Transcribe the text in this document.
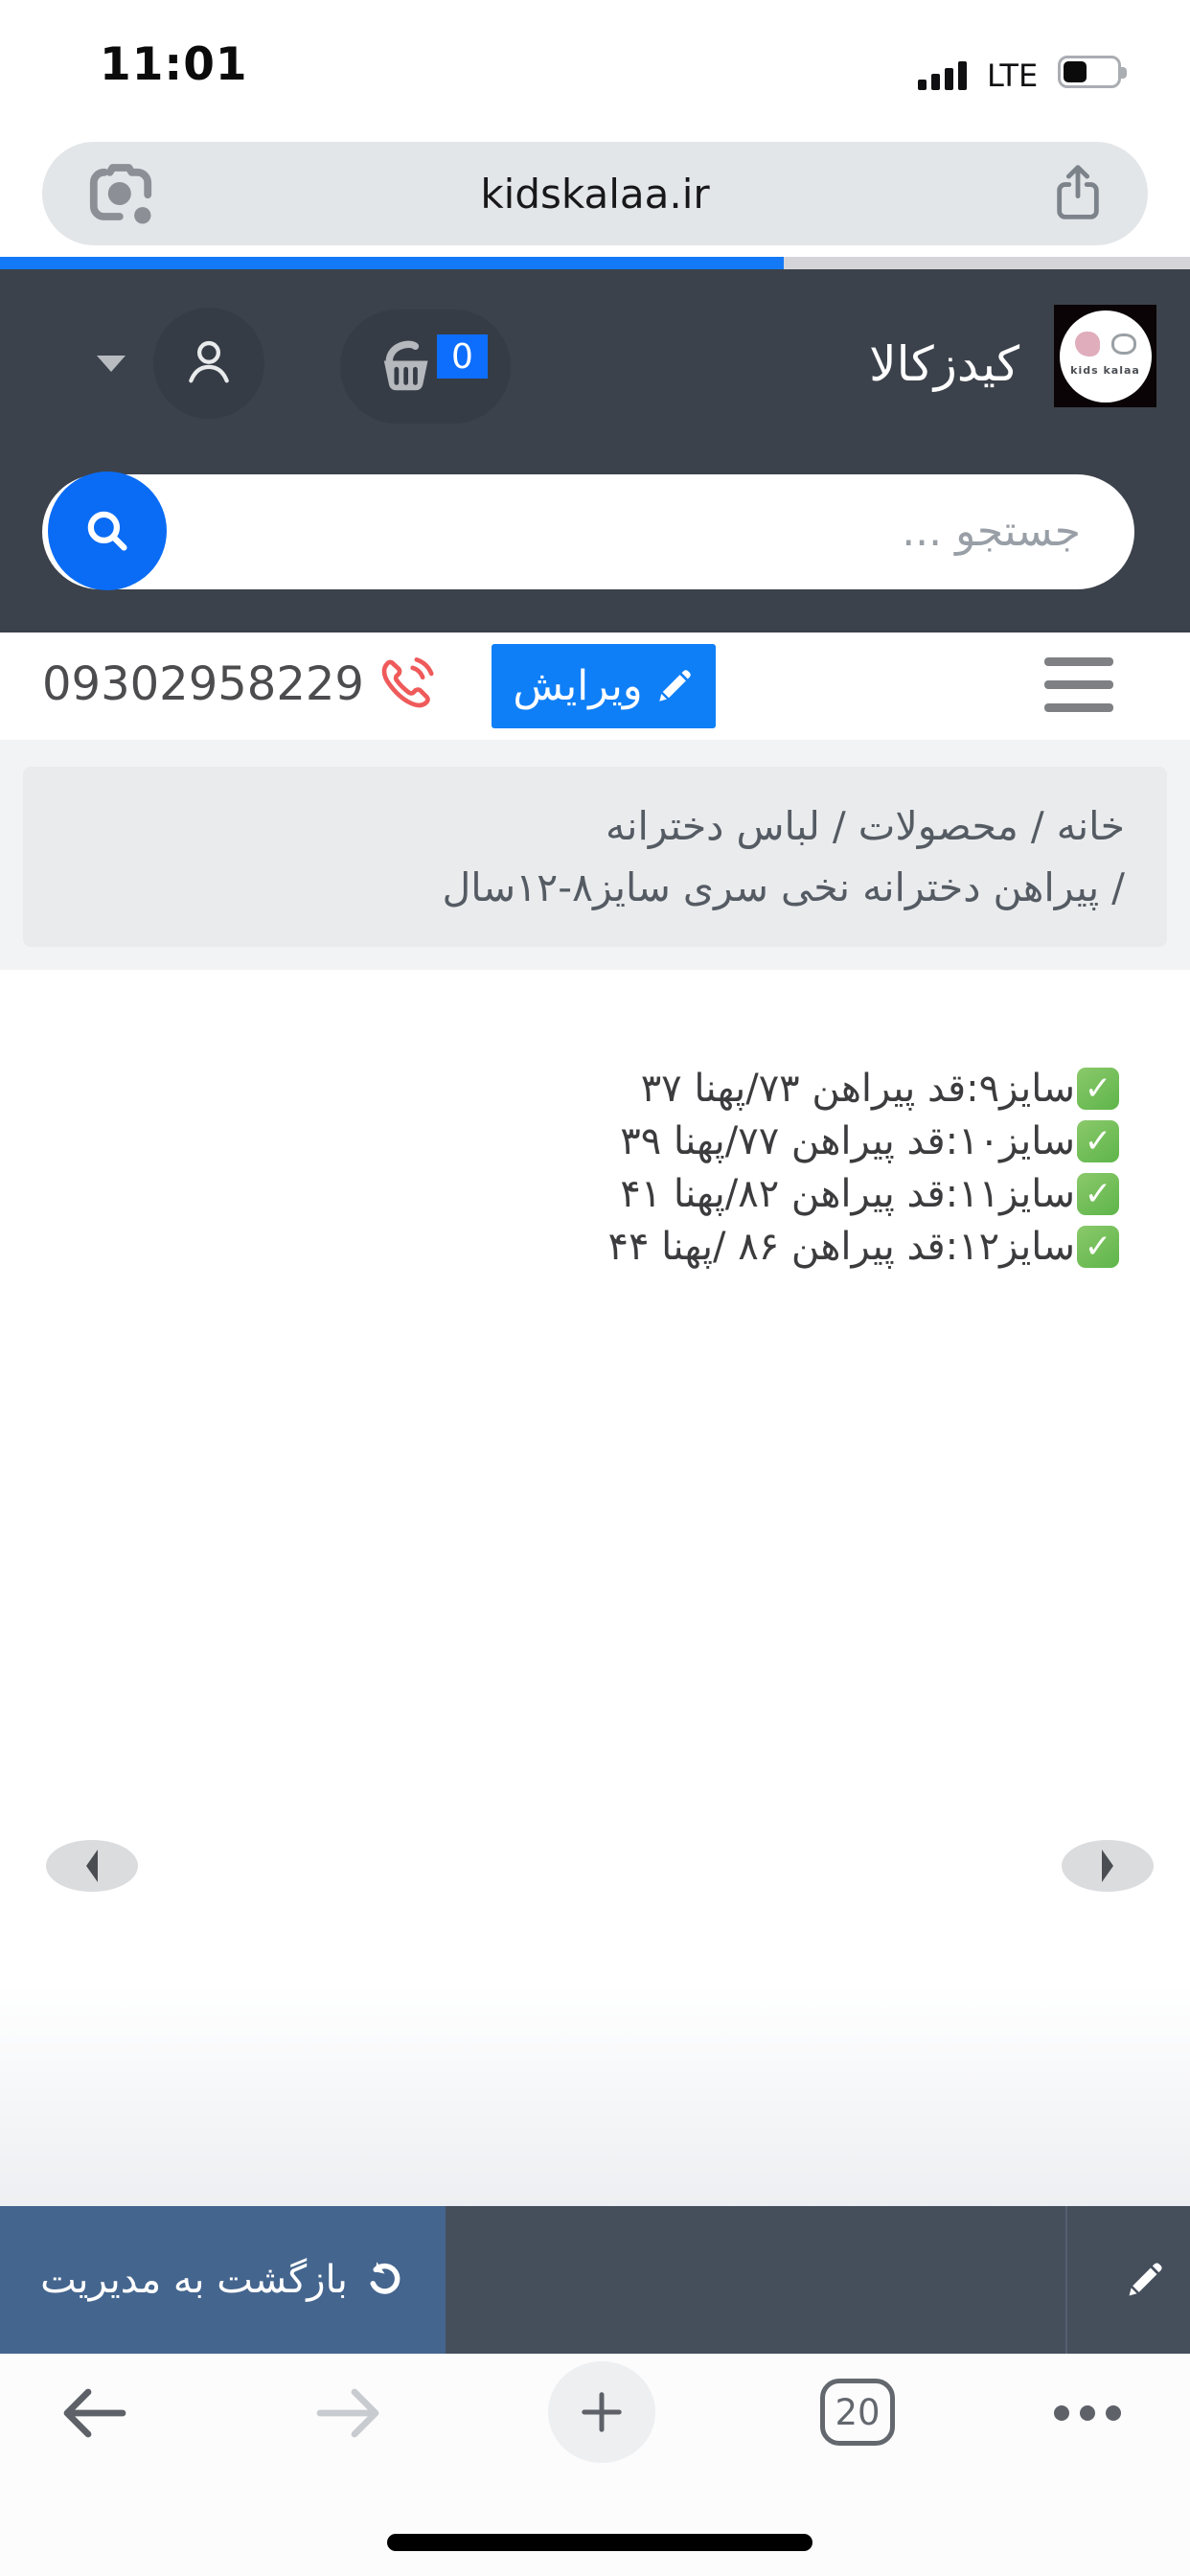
11:01	LTE
kidskalaa.ir
0	کیدزکالا	kids kalaa
جستجو ...
09302958229	ویرایش
خانه / محصولات / لباس دخترانه
/ پیراهن دخترانه نخی سری سایز۸-۱۲سال
✓
سایز۹:قد پیراهن ۷۳/پهنا ۳۷
✓
سایز۱۰:قد پیراهن ۷۷/پهنا ۳۹
✓
سایز۱۱:قد پیراهن ۸۲/پهنا ۴۱
✓
سایز۱۲:قد پیراهن ۸۶ /پهنا ۴۴
بازگشت به مدیریت
20
